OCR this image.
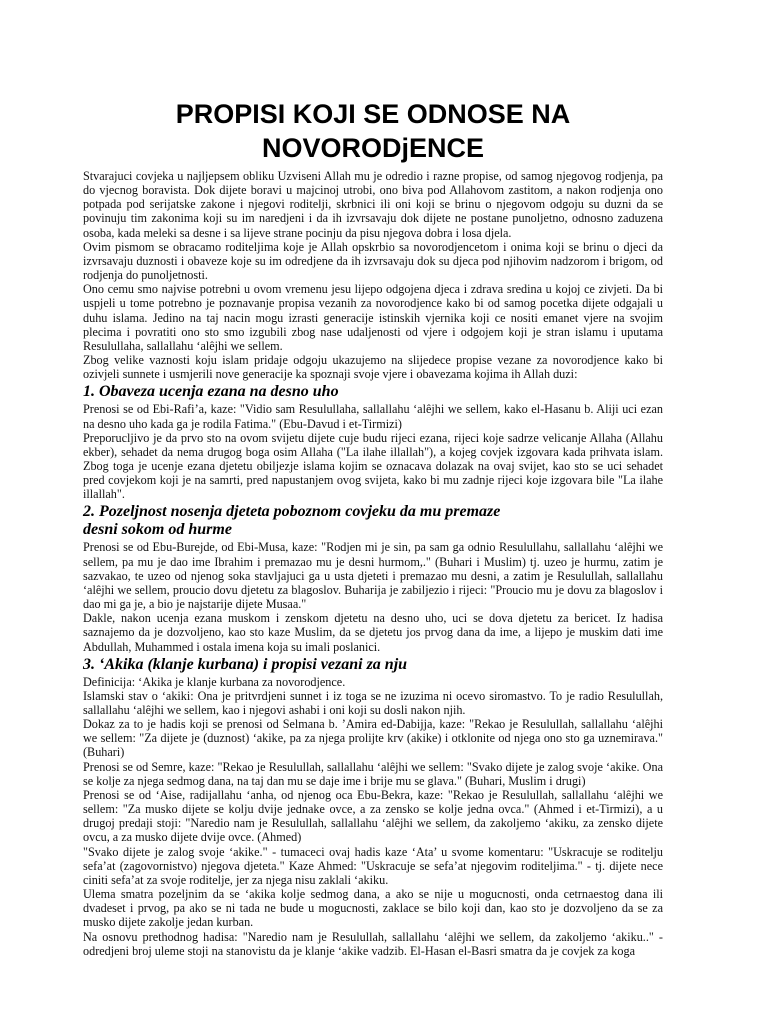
PROPISI KOJI SE ODNOSE NA
NOVORODjENCE

Stvarajuci covjeka u najljepsem obliku Uzviseni Allah mu je odredio i razne propise, od samog njegovog rodjenja, pa do vjecnog boravista. Dok dijete boravi u majcinoj utrobi, ono biva pod Allahovom zastitom, a nakon rodjenja ono potpada pod serijatske zakone i njegovi roditelji, skrbnici ili oni koji se brinu o njegovom odgoju su duzni da se povinuju tim zakonima koji su im naredjeni i da ih izvrsavaju dok dijete ne postane punoljetno, odnosno zaduzena osoba, kada meleki sa desne i sa lijeve strane pocinju da pisu njegova dobra i losa djela.

Ovim pismom se obracamo roditeljima koje je Allah opskrbio sa novorodjencetom i onima koji se brinu o djeci da izvrsavaju duznosti i obaveze koje su im odredjene da ih izvrsavaju dok su djeca pod njihovim nadzorom i brigom, od rodjenja do punoljetnosti.

Ono cemu smo najvise potrebni u ovom vremenu jesu lijepo odgojena djeca i zdrava sredina u kojoj ce zivjeti. Da bi uspjeli u tome potrebno je poznavanje propisa vezanih za novorodjence kako bi od samog pocetka dijete odgajali u duhu islama. Jedino na taj nacin mogu izrasti generacije istinskih vjernika koji ce nositi emanet vjere na svojim plecima i povratiti ono sto smo izgubili zbog nase udaljenosti od vjere i odgojem koji je stran islamu i uputama Resulullaha, sallallahu ‘alêjhi we sellem.

Zbog velike vaznosti koju islam pridaje odgoju ukazujemo na slijedece propise vezane za novorodjence kako bi ozivjeli sunnete i usmjerili nove generacije ka spoznaji svoje vjere i obavezama kojima ih Allah duzi:

1. Obaveza ucenja ezana na desno uho

Prenosi se od Ebi-Rafi’a, kaze: "Vidio sam Resulullaha, sallallahu ‘alêjhi we sellem, kako el-Hasanu b. Aliji uci ezan na desno uho kada ga je rodila Fatima." (Ebu-Davud i et-Tirmizi)

Preporucljivo je da prvo sto na ovom svijetu dijete cuje budu rijeci ezana, rijeci koje sadrze velicanje Allaha (Allahu ekber), sehadet da nema drugog boga osim Allaha ("La ilahe illallah"), a kojeg covjek izgovara kada prihvata islam. Zbog toga je ucenje ezana djetetu obiljezje islama kojim se oznacava dolazak na ovaj svijet, kao sto se uci sehadet pred covjekom koji je na samrti, pred napustanjem ovog svijeta, kako bi mu zadnje rijeci koje izgovara bile "La ilahe illallah".

2. Pozeljnost nosenja djeteta poboznom covjeku da mu premaze
desni sokom od hurme

Prenosi se od Ebu-Burejde, od Ebi-Musa, kaze: "Rodjen mi je sin, pa sam ga odnio Resulullahu, sallallahu ‘alêjhi we sellem, pa mu je dao ime Ibrahim i premazao mu je desni hurmom,." (Buhari i Muslim) tj. uzeo je hurmu, zatim je sazvakao, te uzeo od njenog soka stavljajuci ga u usta djeteti i premazao mu desni, a zatim je Resulullah, sallallahu ‘alêjhi we sellem, proucio dovu djetetu za blagoslov. Buharija je zabiljezio i rijeci: "Proucio mu je dovu za blagoslov i dao mi ga je, a bio je najstarije dijete Musaa."

Dakle, nakon ucenja ezana muskom i zenskom djetetu na desno uho, uci se dova djetetu za bericet. Iz hadisa saznajemo da je dozvoljeno, kao sto kaze Muslim, da se djetetu jos prvog dana da ime, a lijepo je muskim dati ime Abdullah, Muhammed i ostala imena koja su imali poslanici.

3. ‘Akika (klanje kurbana) i propisi vezani za nju

Definicija: ‘Akika je klanje kurbana za novorodjence.

Islamski stav o ‘akiki: Ona je pritvrdjeni sunnet i iz toga se ne izuzima ni ocevo siromastvo. To je radio Resulullah, sallallahu ‘alêjhi we sellem, kao i njegovi ashabi i oni koji su dosli nakon njih.

Dokaz za to je hadis koji se prenosi od Selmana b. ’Amira ed-Dabijja, kaze: "Rekao je Resulullah, sallallahu ‘alêjhi we sellem: "Za dijete je (duznost) ‘akike, pa za njega prolijte krv (akike) i otklonite od njega ono sto ga uznemirava." (Buhari)

Prenosi se od Semre, kaze: "Rekao je Resulullah, sallallahu ‘alêjhi we sellem: "Svako dijete je zalog svoje ‘akike. Ona se kolje za njega sedmog dana, na taj dan mu se daje ime i brije mu se glava." (Buhari, Muslim i drugi)

Prenosi se od ‘Aise, radijallahu ‘anha, od njenog oca Ebu-Bekra, kaze: "Rekao je Resulullah, sallallahu ‘alêjhi we sellem: "Za musko dijete se kolju dvije jednake ovce, a za zensko se kolje jedna ovca." (Ahmed i et-Tirmizi), a u drugoj predaji stoji: "Naredio nam je Resulullah, sallallahu ‘alêjhi we sellem, da zakoljemo ‘akiku, za zensko dijete ovcu, a za musko dijete dvije ovce. (Ahmed)

"Svako dijete je zalog svoje ‘akike." - tumaceci ovaj hadis kaze ‘Ata’ u svome komentaru: "Uskracuje se roditelju sefa’at (zagovornistvo) njegova djeteta." Kaze Ahmed: "Uskracuje se sefa’at njegovim roditeljima." - tj. dijete nece ciniti sefa’at za svoje roditelje, jer za njega nisu zaklali ‘akiku.

Ulema smatra pozeljnim da se ‘akika kolje sedmog dana, a ako se nije u mogucnosti, onda cetrnaestog dana ili dvadeset i prvog, pa ako se ni tada ne bude u mogucnosti, zaklace se bilo koji dan, kao sto je dozvoljeno da se za musko dijete zakolje jedan kurban.

Na osnovu prethodnog hadisa: "Naredio nam je Resulullah, sallallahu ‘alêjhi we sellem, da zakoljemo ‘akiku.." - odredjeni broj uleme stoji na stanovistu da je klanje ‘akike vadzib. El-Hasan el-Basri smatra da je covjek za koga
